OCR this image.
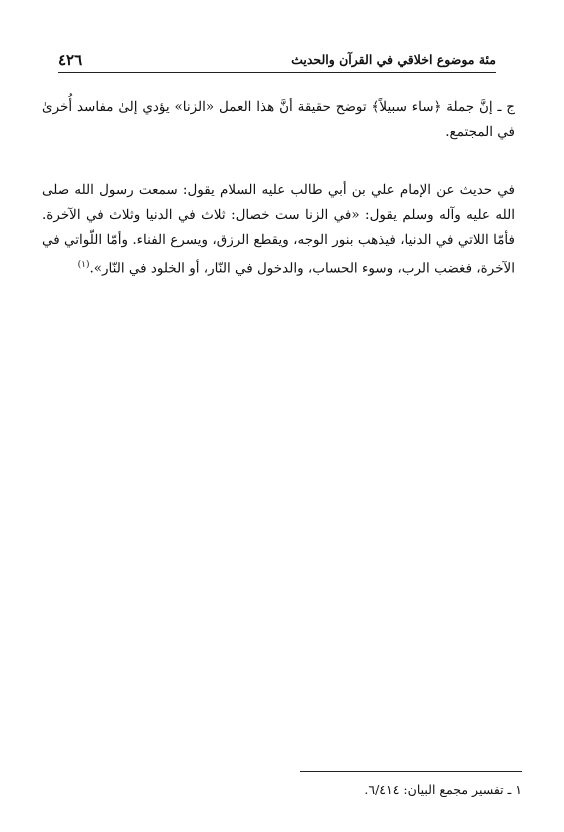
مئة موضوع اخلاقي في القرآن والحديث
٤٢٦

ج ـ إنَّ جملة ﴿ساء سبيلاً﴾ توضح حقيقة أنَّ هذا العمل «الزنا» يؤدي إلىٰ مفاسد أُخرىٰ في المجتمع.

في حديث عن الإمام علي بن أبي طالب عليه السلام يقول: سمعت رسول الله صلى الله عليه وآله وسلم يقول: «في الزنا ست خصال: ثلاث في الدنيا وثلاث في الآخرة. فأمّا اللاتي في الدنيا، فيذهب بنور الوجه، ويقطع الرزق، ويسرع الفناء. وأمّا اللّواتي في الآخرة، فغضب الرب، وسوء الحساب، والدخول في النّار، أو الخلود في النّار».$^{(١)}$

١ ـ تفسير مجمع البيان: ٦/٤١٤.
